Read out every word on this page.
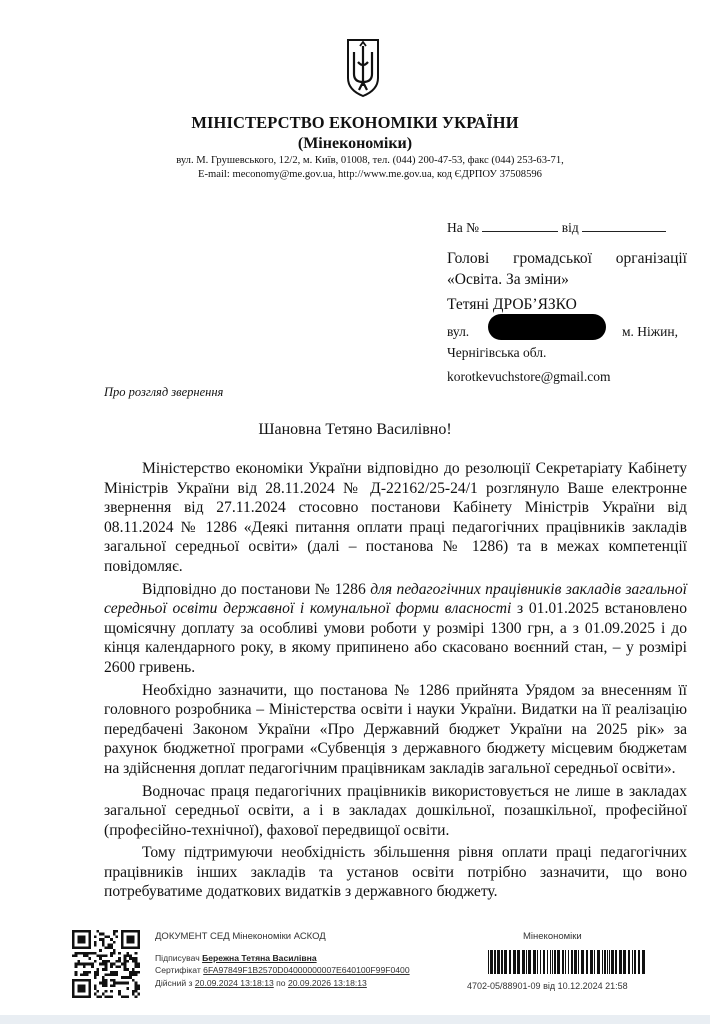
МІНІСТЕРСТВО ЕКОНОМІКИ УКРАЇНИ
(Мінекономіки)
вул. М. Грушевського, 12/2, м. Київ, 01008, тел. (044) 200-47-53, факс (044) 253-63-71,
E-mail: meconomy@me.gov.ua, http://www.me.gov.ua, код ЄДРПОУ 37508596
На №	від
Голові громадської організації
«Освіта. За зміни»
Тетяні ДРОБ’ЯЗКО
вул.	м. Ніжин,
Чернігівська обл.
korotkevuchstore@gmail.com
Про розгляд звернення
Шановна Тетяно Василівно!

Міністерство економіки України відповідно до резолюції Секретаріату Кабінету Міністрів України від 28.11.2024 № Д-22162/25-24/1 розглянуло Ваше електронне звернення від 27.11.2024 стосовно постанови Кабінету Міністрів України від 08.11.2024 № 1286 «Деякі питання оплати праці педагогічних працівників закладів загальної середньої освіти» (далі – постанова № 1286) та в межах компетенції повідомляє.

Відповідно до постанови № 1286 для педагогічних працівників закладів загальної середньої освіти державної і комунальної форми власності з 01.01.2025 встановлено щомісячну доплату за особливі умови роботи у розмірі 1300 грн, а з 01.09.2025 і до кінця календарного року, в якому припинено або скасовано воєнний стан, – у розмірі 2600 гривень.

Необхідно зазначити, що постанова № 1286 прийнята Урядом за внесенням її головного розробника – Міністерства освіти і науки України. Видатки на її реалізацію передбачені Законом України «Про Державний бюджет України на 2025 рік» за рахунок бюджетної програми «Субвенція з державного бюджету місцевим бюджетам на здійснення доплат педагогічним працівникам закладів загальної середньої освіти».

Водночас праця педагогічних працівників використовується не лише в закладах загальної середньої освіти, а і в закладах дошкільної, позашкільної, професійної (професійно-технічної), фахової передвищої освіти.

Тому підтримуючи необхідність збільшення рівня оплати праці педагогічних працівників інших закладів та установ освіти потрібно зазначити, що воно потребуватиме додаткових видатків з державного бюджету.

ДОКУМЕНТ СЕД Мінекономіки АСКОД
Підписувач Бережна Тетяна Василівна
Сертифікат 6FA97849F1B2570D04000000007E640100F99F0400
Дійсний з 20.09.2024 13:18:13 по 20.09.2026 13:18:13
Мінекономіки
4702-05/88901-09 від 10.12.2024 21:58
